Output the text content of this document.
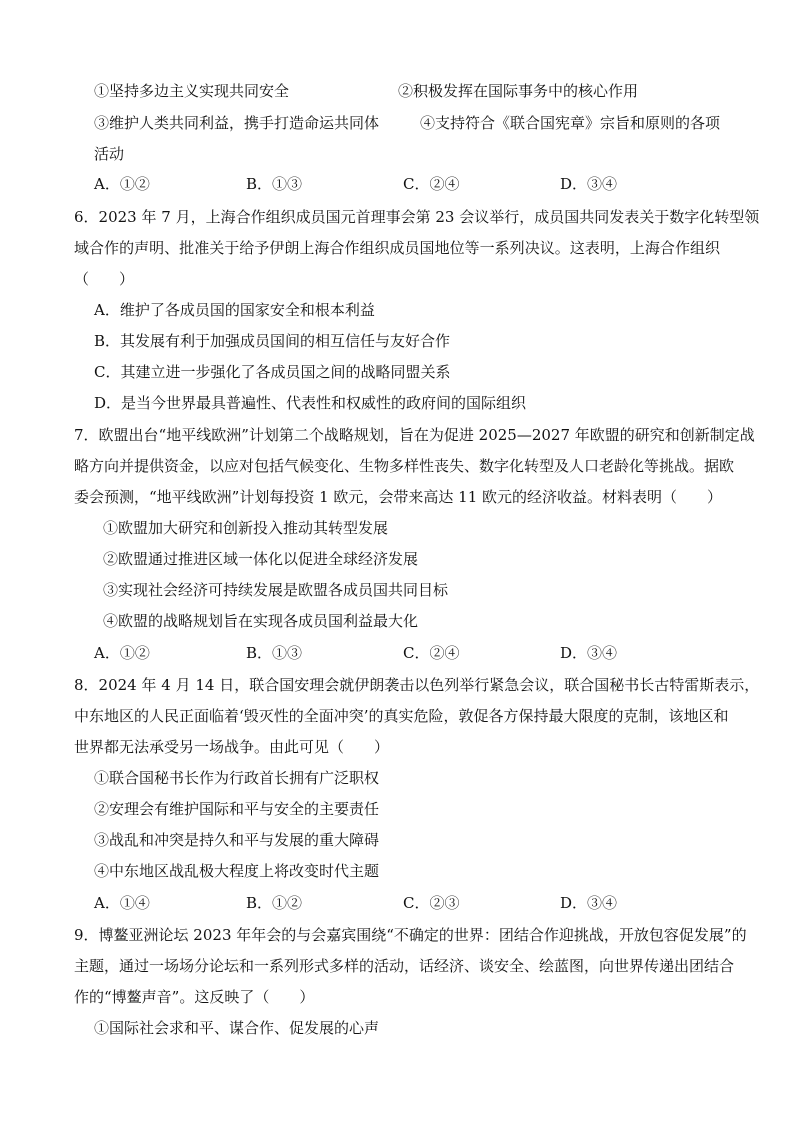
①坚持多边主义实现共同安全	②积极发挥在国际事务中的核心作用
③维护人类共同利益，携手打造命运共同体	④支持符合《联合国宪章》宗旨和原则的各项
活动
A．①②	B．①③	C．②④	D．③④
6．2023 年 7 月，上海合作组织成员国元首理事会第 23 会议举行，成员国共同发表关于数字化转型领
域合作的声明、批准关于给予伊朗上海合作组织成员国地位等一系列决议。这表明，上海合作组织
（　　）
A．维护了各成员国的国家安全和根本利益
B．其发展有利于加强成员国间的相互信任与友好合作
C．其建立进一步强化了各成员国之间的战略同盟关系
D．是当今世界最具普遍性、代表性和权威性的政府间的国际组织
7．欧盟出台“地平线欧洲”计划第二个战略规划，旨在为促进 2025—2027 年欧盟的研究和创新制定战
略方向并提供资金，以应对包括气候变化、生物多样性丧失、数字化转型及人口老龄化等挑战。据欧
委会预测，“地平线欧洲”计划每投资 1 欧元，会带来高达 11 欧元的经济收益。材料表明（　　）
①欧盟加大研究和创新投入推动其转型发展
②欧盟通过推进区域一体化以促进全球经济发展
③实现社会经济可持续发展是欧盟各成员国共同目标
④欧盟的战略规划旨在实现各成员国利益最大化
A．①②	B．①③	C．②④	D．③④
8．2024 年 4 月 14 日，联合国安理会就伊朗袭击以色列举行紧急会议，联合国秘书长古特雷斯表示，
中东地区的人民正面临着‘毁灭性的全面冲突’的真实危险，敦促各方保持最大限度的克制，该地区和
世界都无法承受另一场战争。由此可见（　　）
①联合国秘书长作为行政首长拥有广泛职权
②安理会有维护国际和平与安全的主要责任
③战乱和冲突是持久和平与发展的重大障碍
④中东地区战乱极大程度上将改变时代主题
A．①④	B．①②	C．②③	D．③④
9．博鳌亚洲论坛 2023 年年会的与会嘉宾围绕“不确定的世界：团结合作迎挑战，开放包容促发展”的
主题，通过一场场分论坛和一系列形式多样的活动，话经济、谈安全、绘蓝图，向世界传递出团结合
作的“博鳌声音”。这反映了（　　）
①国际社会求和平、谋合作、促发展的心声
